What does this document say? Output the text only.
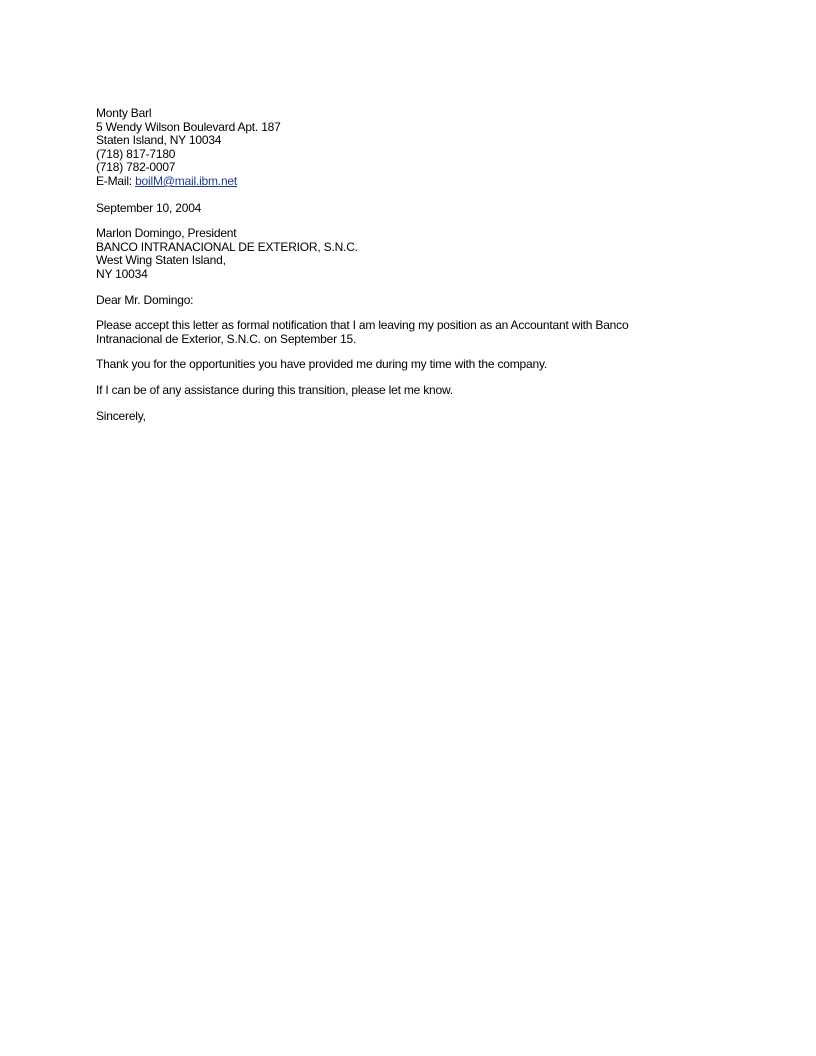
Monty Barl
5 Wendy Wilson Boulevard Apt. 187
Staten Island, NY 10034
(718) 817-7180
(718) 782-0007
E-Mail: boilM@mail.ibm.net
September 10, 2004
Marlon Domingo, President
BANCO INTRANACIONAL DE EXTERIOR, S.N.C.
West Wing Staten Island,
NY 10034
Dear Mr. Domingo:
Please accept this letter as formal notification that I am leaving my position as an Accountant with Banco
Intranacional de Exterior, S.N.C. on September 15.
Thank you for the opportunities you have provided me during my time with the company.
If I can be of any assistance during this transition, please let me know.
Sincerely,
